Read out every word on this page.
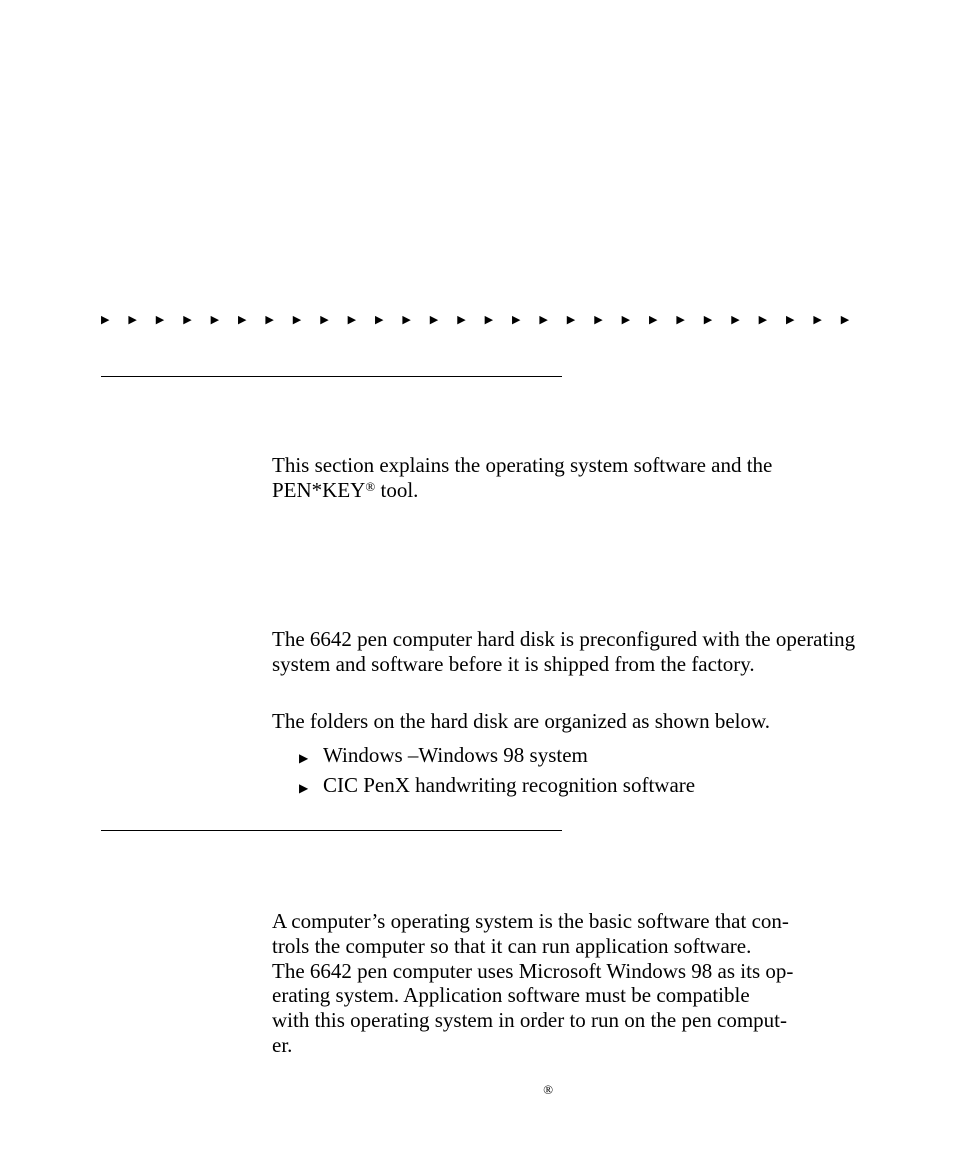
▶ ▶ ▶ ▶ ▶ ▶ ▶ ▶ ▶ ▶ ▶ ▶ ▶ ▶ ▶ ▶ ▶ ▶ ▶ ▶ ▶ ▶ ▶ ▶ ▶ ▶ ▶ ▶

This section explains the operating system software and the PEN*KEY® tool.

The 6642 pen computer hard disk is preconfigured with the operating system and software before it is shipped from the factory.

The folders on the hard disk are organized as shown below.

▶ Windows –Windows 98 system
▶ CIC PenX handwriting recognition software
A computer’s operating system is the basic software that con-
trols the computer so that it can run application software.
The 6642 pen computer uses Microsoft Windows 98 as its op-
erating system. Application software must be compatible
with this operating system in order to run on the pen comput-
er.
®
